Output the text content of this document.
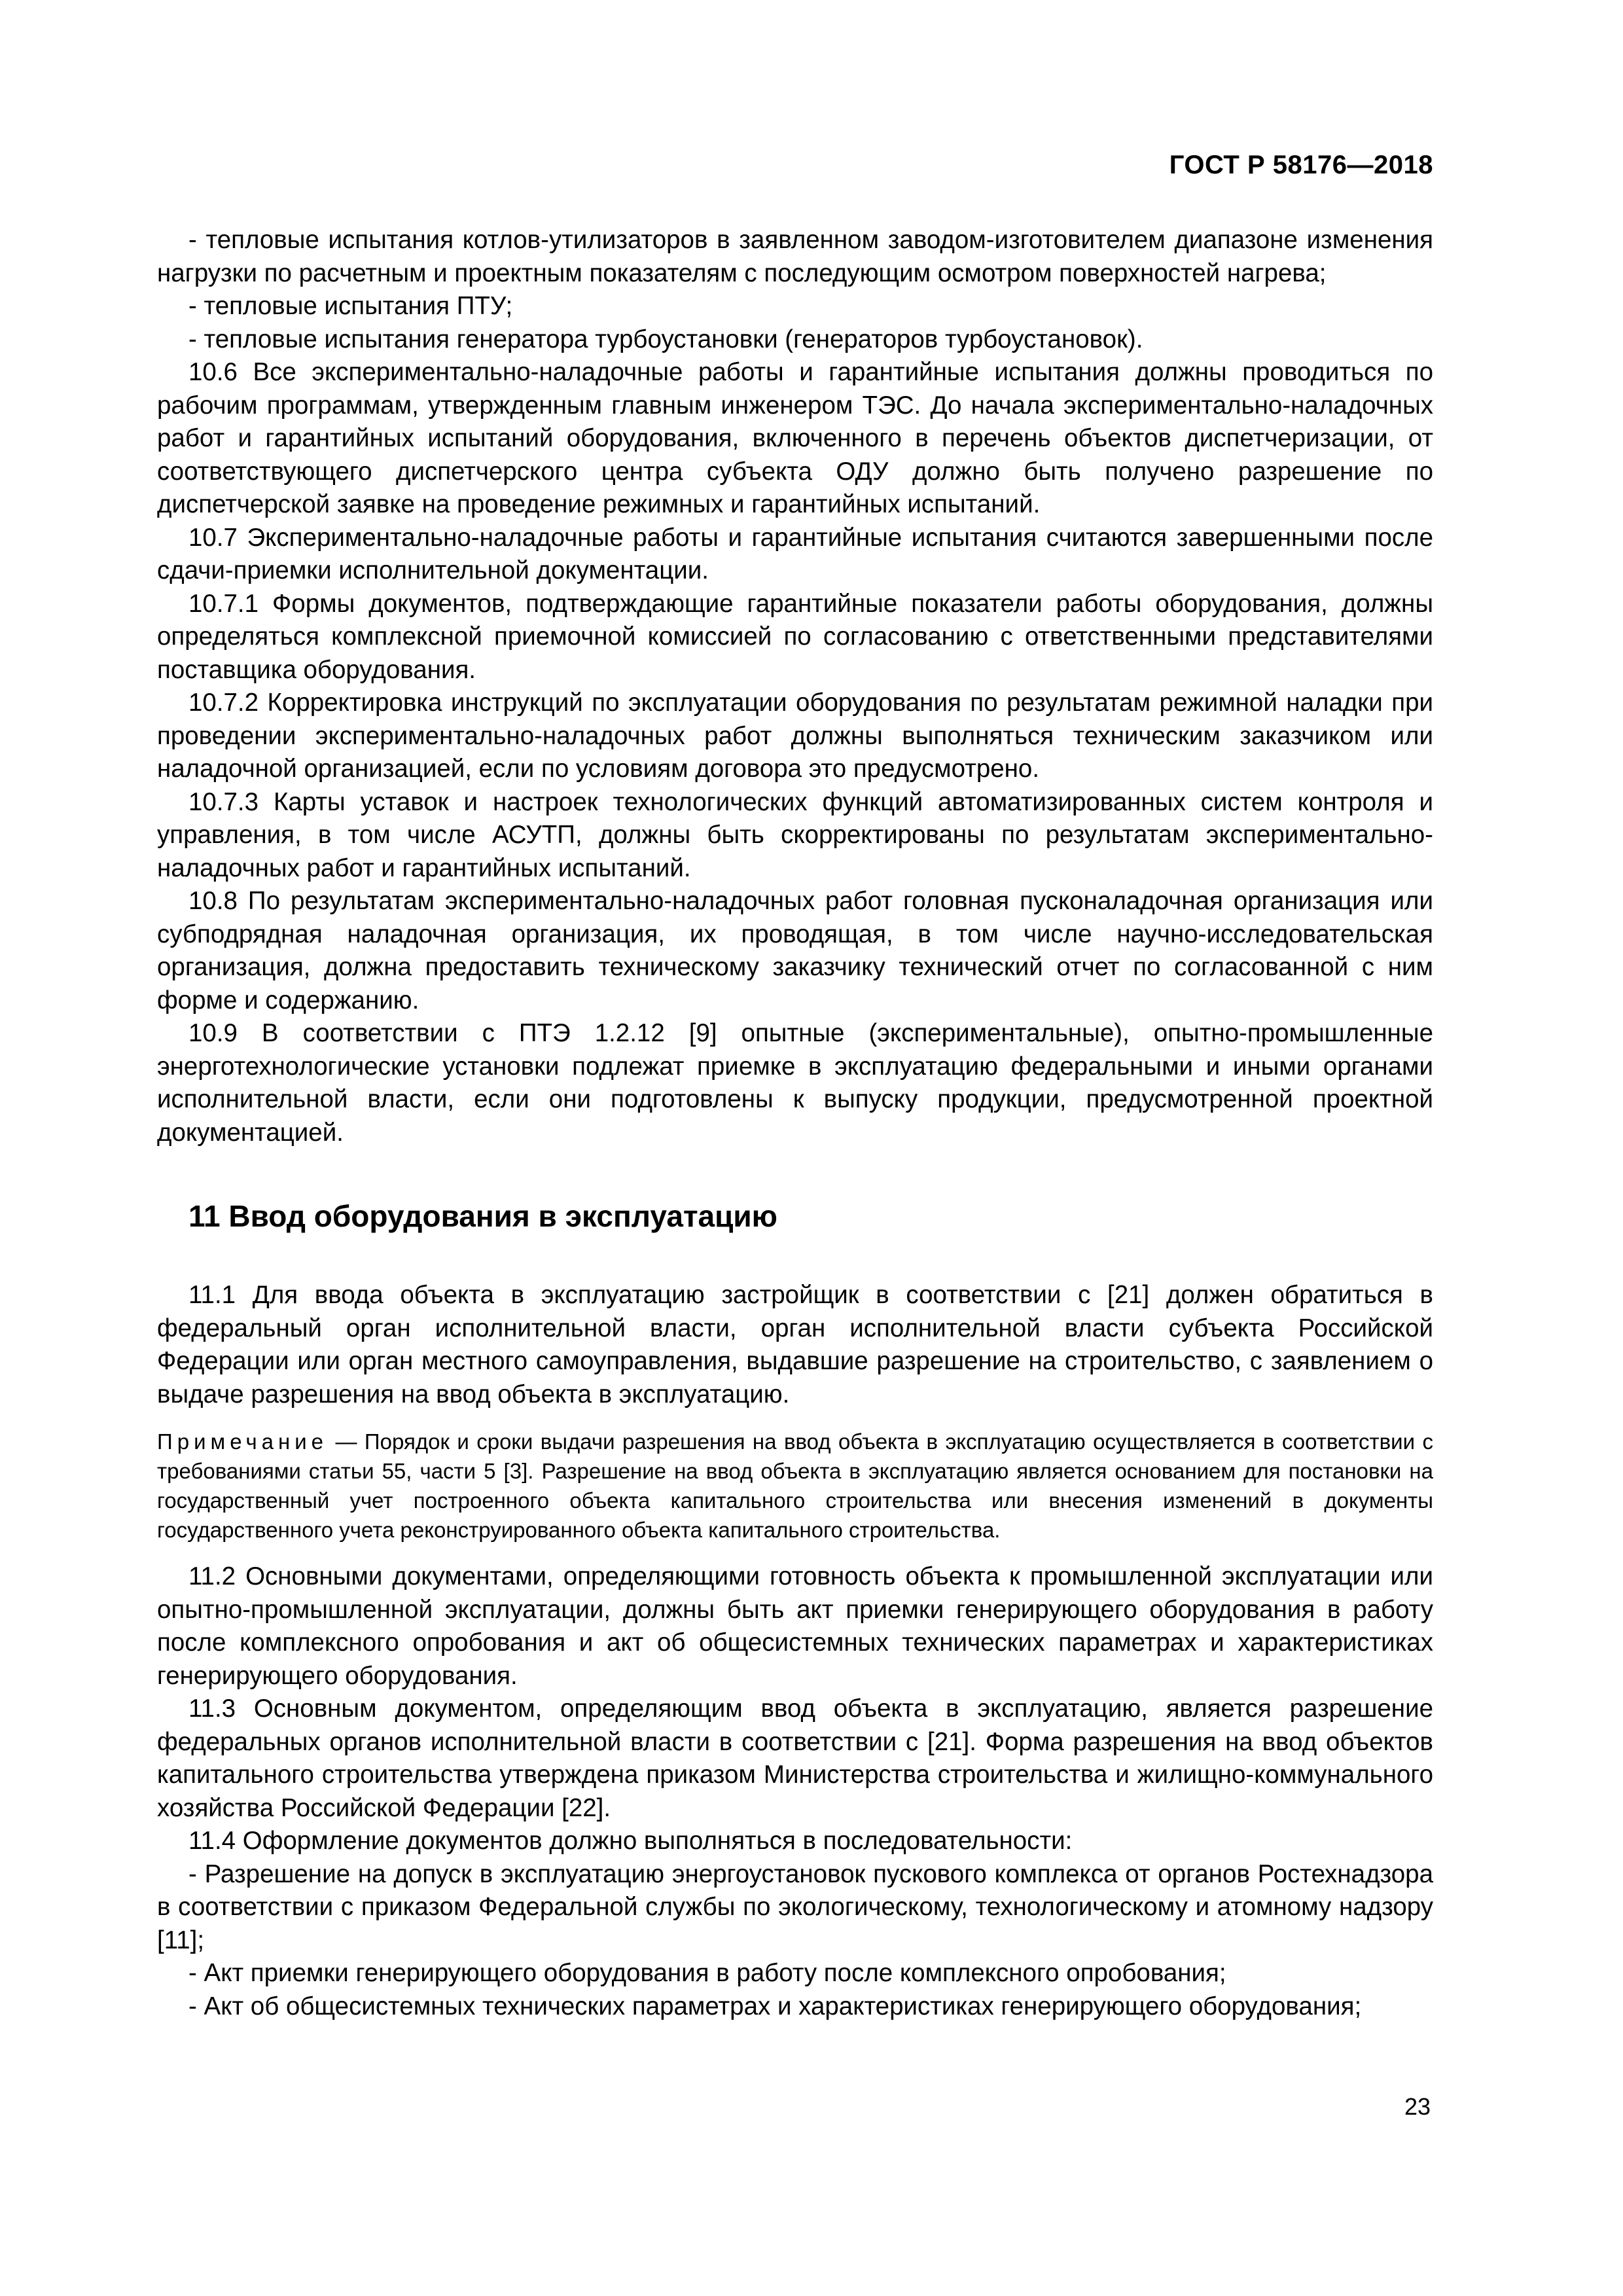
ГОСТ Р 58176—2018

- тепловые испытания котлов-утилизаторов в заявленном заводом-изготовителем диапазоне изменения нагрузки по расчетным и проектным показателям с последующим осмотром поверхностей нагрева;

- тепловые испытания ПТУ;

- тепловые испытания генератора турбоустановки (генераторов турбоустановок).

10.6 Все экспериментально-наладочные работы и гарантийные испытания должны проводиться по рабочим программам, утвержденным главным инженером ТЭС. До начала экспериментально-наладочных работ и гарантийных испытаний оборудования, включенного в перечень объектов диспетчеризации, от соответствующего диспетчерского центра субъекта ОДУ должно быть получено разрешение по диспетчерской заявке на проведение режимных и гарантийных испытаний.

10.7 Экспериментально-наладочные работы и гарантийные испытания считаются завершенными после сдачи-приемки исполнительной документации.

10.7.1 Формы документов, подтверждающие гарантийные показатели работы оборудования, должны определяться комплексной приемочной комиссией по согласованию с ответственными представителями поставщика оборудования.

10.7.2 Корректировка инструкций по эксплуатации оборудования по результатам режимной наладки при проведении экспериментально-наладочных работ должны выполняться техническим заказчиком или наладочной организацией, если по условиям договора это предусмотрено.

10.7.3 Карты уставок и настроек технологических функций автоматизированных систем контроля и управления, в том числе АСУТП, должны быть скорректированы по результатам экспериментально-наладочных работ и гарантийных испытаний.

10.8 По результатам экспериментально-наладочных работ головная пусконаладочная организация или субподрядная наладочная организация, их проводящая, в том числе научно-исследовательская организация, должна предоставить техническому заказчику технический отчет по согласованной с ним форме и содержанию.

10.9 В соответствии с ПТЭ 1.2.12 [9] опытные (экспериментальные), опытно-промышленные энерготехнологические установки подлежат приемке в эксплуатацию федеральными и иными органами исполнительной власти, если они подготовлены к выпуску продукции, предусмотренной проектной документацией.

11 Ввод оборудования в эксплуатацию

11.1 Для ввода объекта в эксплуатацию застройщик в соответствии с [21] должен обратиться в федеральный орган исполнительной власти, орган исполнительной власти субъекта Российской Федерации или орган местного самоуправления, выдавшие разрешение на строительство, с заявлением о выдаче разрешения на ввод объекта в эксплуатацию.

Примечание — Порядок и сроки выдачи разрешения на ввод объекта в эксплуатацию осуществляется в соответствии с требованиями статьи 55, части 5 [3]. Разрешение на ввод объекта в эксплуатацию является основанием для постановки на государственный учет построенного объекта капитального строительства или внесения изменений в документы государственного учета реконструированного объекта капитального строительства.

11.2 Основными документами, определяющими готовность объекта к промышленной эксплуатации или опытно-промышленной эксплуатации, должны быть акт приемки генерирующего оборудования в работу после комплексного опробования и акт об общесистемных технических параметрах и характеристиках генерирующего оборудования.

11.3 Основным документом, определяющим ввод объекта в эксплуатацию, является разрешение федеральных органов исполнительной власти в соответствии с [21]. Форма разрешения на ввод объектов капитального строительства утверждена приказом Министерства строительства и жилищно-коммунального хозяйства Российской Федерации [22].

11.4 Оформление документов должно выполняться в последовательности:

- Разрешение на допуск в эксплуатацию энергоустановок пускового комплекса от органов Ростехнадзора в соответствии с приказом Федеральной службы по экологическому, технологическому и атомному надзору [11];

- Акт приемки генерирующего оборудования в работу после комплексного опробования;

- Акт об общесистемных технических параметрах и характеристиках генерирующего оборудования;

23
